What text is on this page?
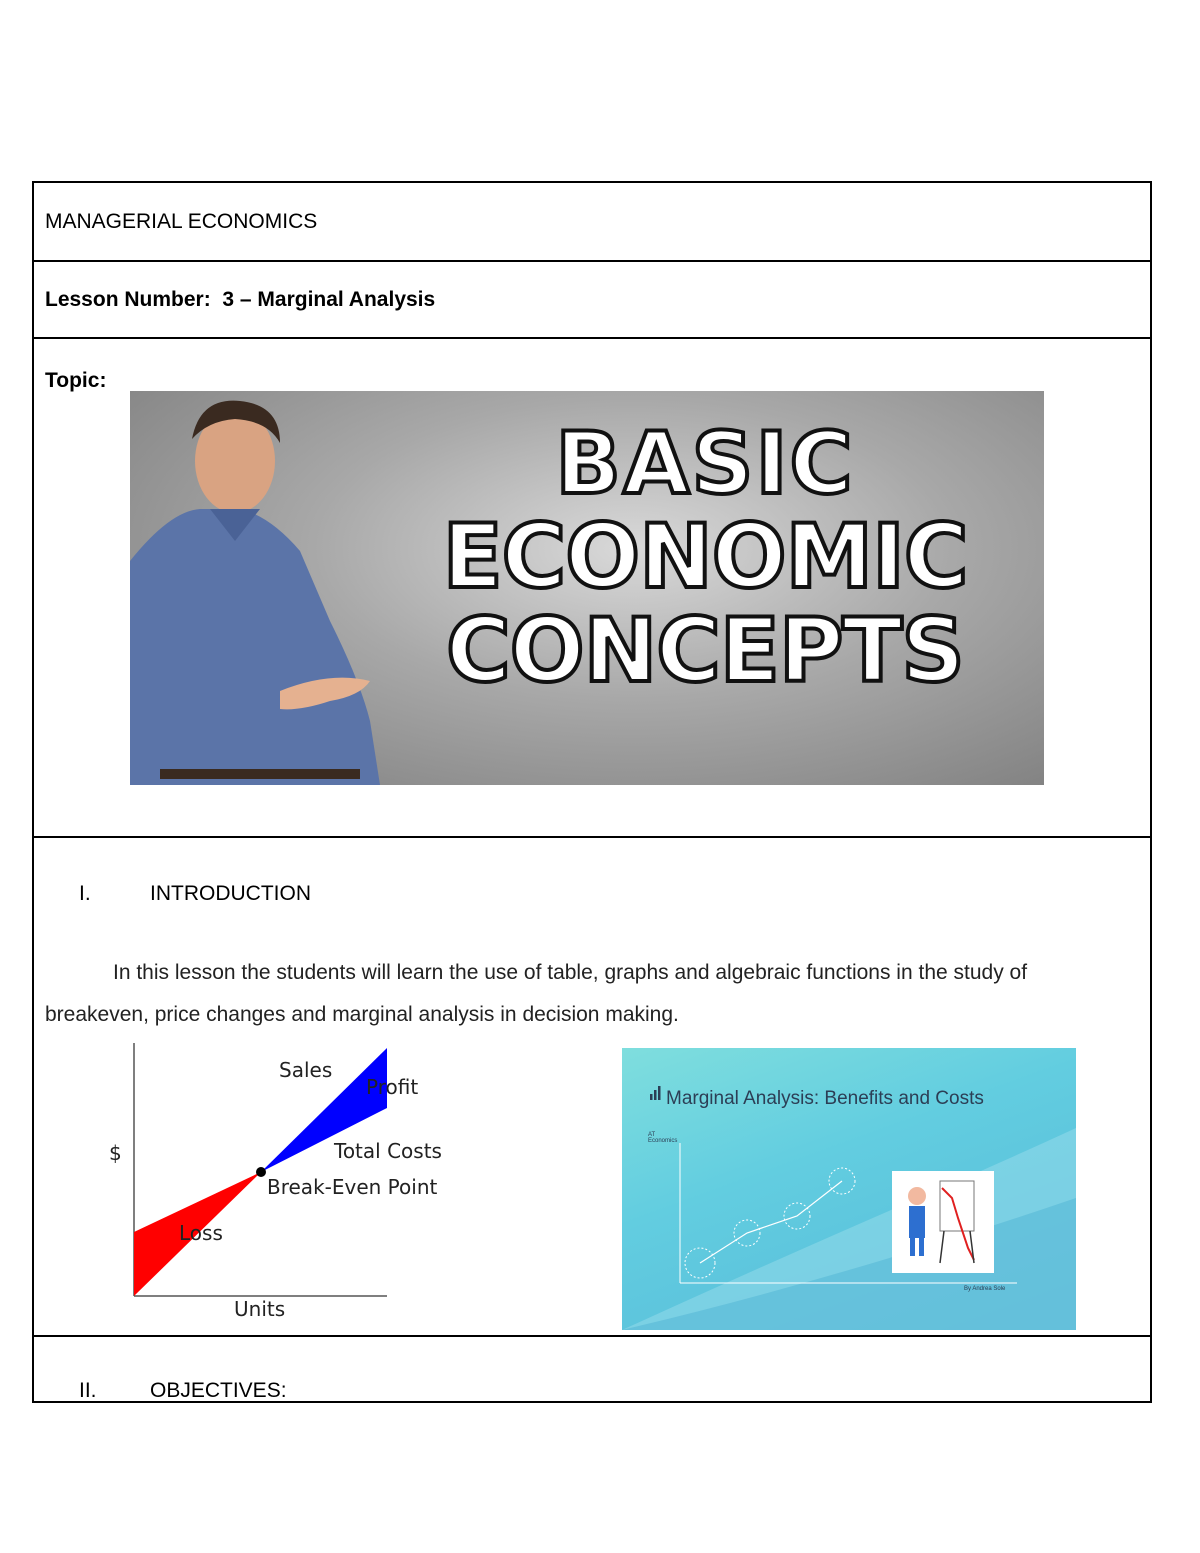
MANAGERIAL ECONOMICS
Lesson Number: 3 – Marginal Analysis
Topic:
I.	INTRODUCTION
In this lesson the students will learn the use of table, graphs and algebraic functions in the study of
breakeven, price changes and marginal analysis in decision making.
II.	OBJECTIVES:
BASIC
ECONOMIC
CONCEPTS
$
Units
Sales
Profit
Total Costs
Break-Even Point
Loss
Marginal Analysis: Benefits and Costs
AT Economics
By Andrea Sole
